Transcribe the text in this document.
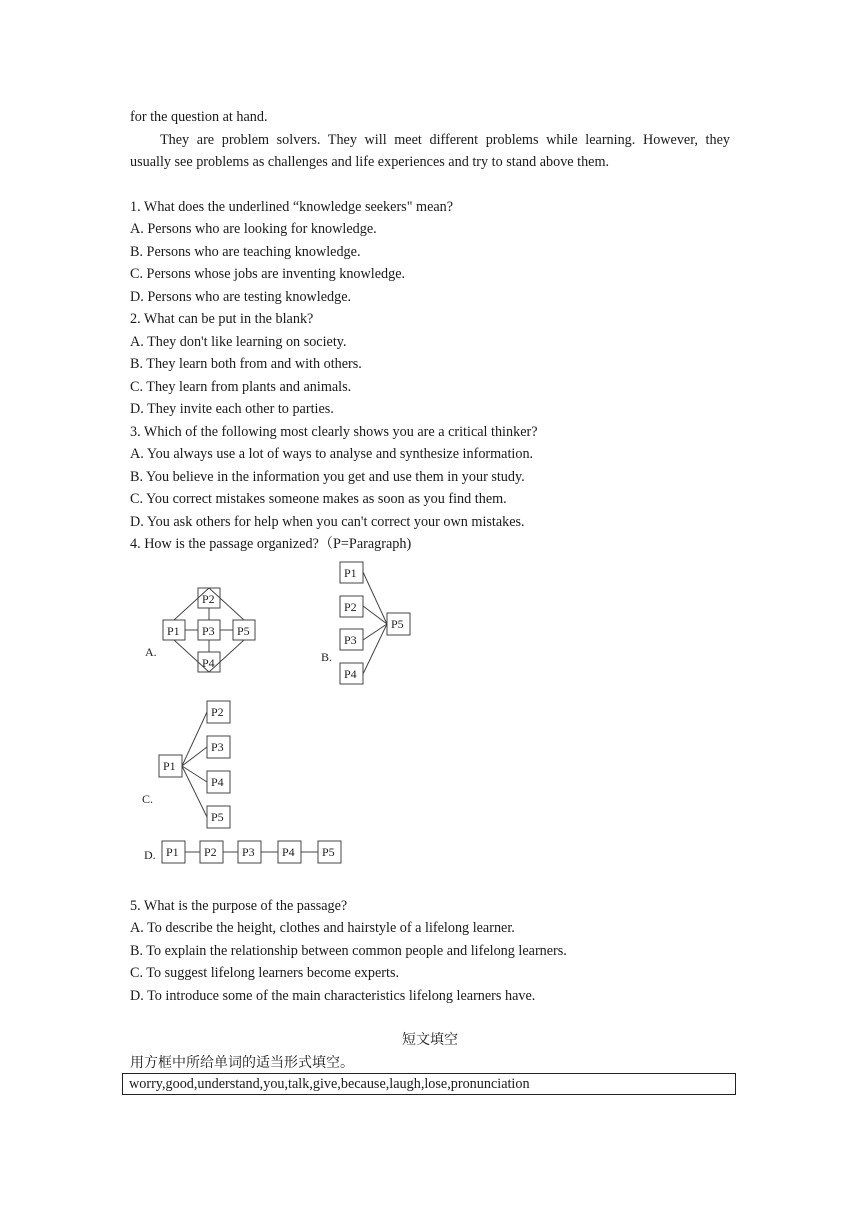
for the question at hand.
They are problem solvers. They will meet different problems while learning. However, they
usually see problems as challenges and life experiences and try to stand above them.
1. What does the underlined “knowledge seekers" mean?
A. Persons who are looking for knowledge.
B. Persons who are teaching knowledge.
C. Persons whose jobs are inventing knowledge.
D. Persons who are testing knowledge.
2. What can be put in the blank?
A. They don't like learning on society.
B. They learn both from and with others.
C. They learn from plants and animals.
D. They invite each other to parties.
3. Which of the following most clearly shows you are a critical thinker?
A. You always use a lot of ways to analyse and synthesize information.
B. You believe in the information you get and use them in your study.
C. You correct mistakes someone makes as soon as you find them.
D. You ask others for help when you can't correct your own mistakes.
4. How is the passage organized?（P=Paragraph)
P2
P1 P3 P5
P4
A.
P1
P2
P3
P4
P5
B.
P1
P2
P3
P4
P5
C.
P1 P2 P3 P4 P5
D.
5. What is the purpose of the passage?
A. To describe the height, clothes and hairstyle of a lifelong learner.
B. To explain the relationship between common people and lifelong learners.
C. To suggest lifelong learners become experts.
D. To introduce some of the main characteristics lifelong learners have.
短文填空
用方框中所给单词的适当形式填空。
worry,good,understand,you,talk,give,because,laugh,lose,pronunciation
